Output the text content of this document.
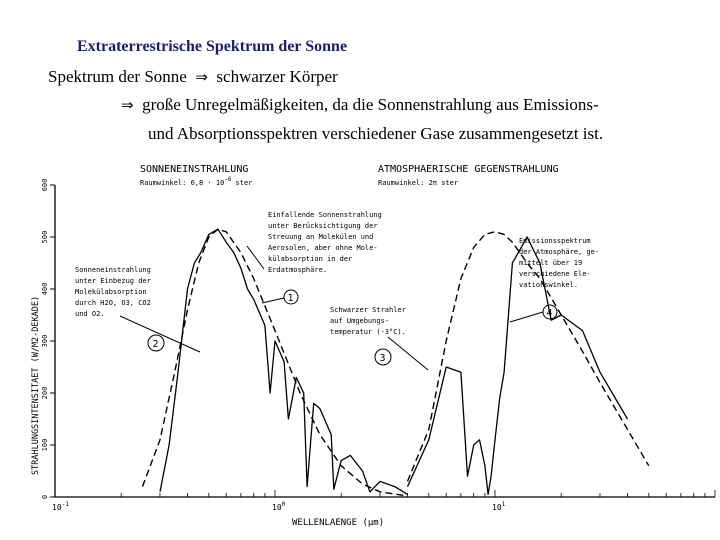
Extraterrestrische Spektrum der Sonne
Spektrum der Sonne ⇒ schwarzer Körper
⇒ große Unregelmäßigkeiten, da die Sonnenstrahlung aus Emissions-
und Absorptionsspektren verschiedener Gase zusammengesetzt ist.
SONNENEINSTRAHLUNG	ATMOSPHAERISCHE GEGENSTRAHLUNG
Raumwinkel: 6,8 · 10-6 ster	Raumwinkel: 2π ster
STRAHLUNGSINTENSITAET (W/M2-DEKADE)
WELLENLAENGE (μm)
0
100
200
300
400
500
600
$10^{-1}$	$10^0$	$10^1$
Einfallende Sonnenstrahlung
unter Berücksichtigung der
Streuung an Molekülen und
Aerosolen, aber ohne Mole-
külabsorption in der
Erdatmosphäre.
1
Sonneneinstrahlung
unter Einbezug der
Molekülabsorption
durch H2O, O3, CO2
und O2.
2
Schwarzer Strahler
auf Umgebungs-
temperatur (-3°C).
3
Emissionsspektrum
der Atmosphäre, ge-
mittelt über 19
verschiedene Ele-
vationswinkel.
4
